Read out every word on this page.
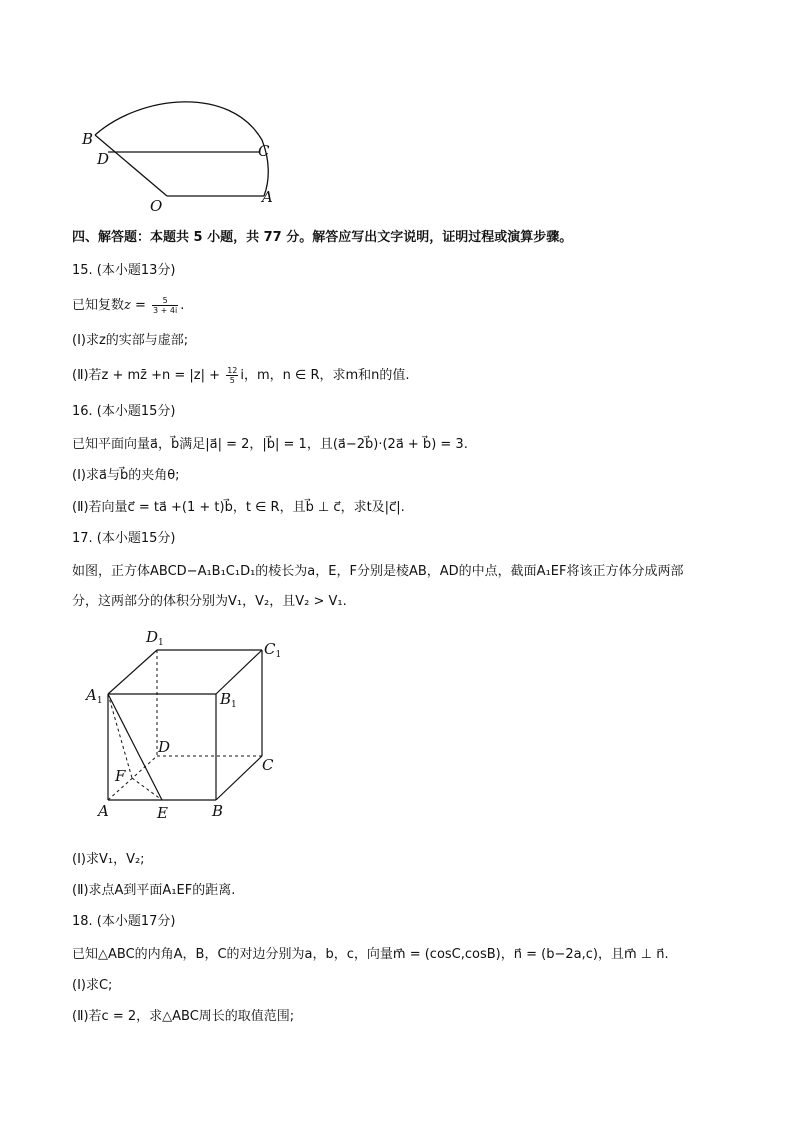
B
D	C
O	A
四、解答题：本题共 5 小题，共 77 分。解答应写出文字说明，证明过程或演算步骤。
15. (本小题13分)
已知复数$z = \frac{5}{3 + 4i}$ .
(Ⅰ)求z的实部与虚部;
(Ⅱ)若z + mz̄ $+n = |z| + \frac{12}{5}$ i，m，n ∈ R，求m和n的值.
16. (本小题15分)
已知平面向量a⃗，b⃗满足|a⃗| = 2，|b⃗| = 1，且(a⃗−2b⃗)·(2a⃗ + b⃗) = 3.
(Ⅰ)求a⃗与b⃗的夹角θ;
(Ⅱ)若向量c⃗ = ta⃗ +(1 + t)b⃗，t ∈ R，且b⃗ ⊥ c⃗，求t及|c⃗|.
17. (本小题15分)
如图，正方体ABCD−A₁B₁C₁D₁的棱长为a，E，F分别是棱AB，AD的中点，截面A₁EF将该正方体分成两部
分，这两部分的体积分别为V₁，V₂，且V₂ > V₁.
$D_1$	$C_1$
$A_1$	$B_1$
D
C
F
A	E	B
(Ⅰ)求V₁，V₂;
(Ⅱ)求点A到平面A₁EF的距离.
18. (本小题17分)
已知△ABC的内角A，B，C的对边分别为a，b，c，向量m⃗ = (cosC,cosB)，n⃗ = (b−2a,c)，且m⃗ ⊥ n⃗.
(Ⅰ)求C;
(Ⅱ)若c = 2，求△ABC周长的取值范围;
